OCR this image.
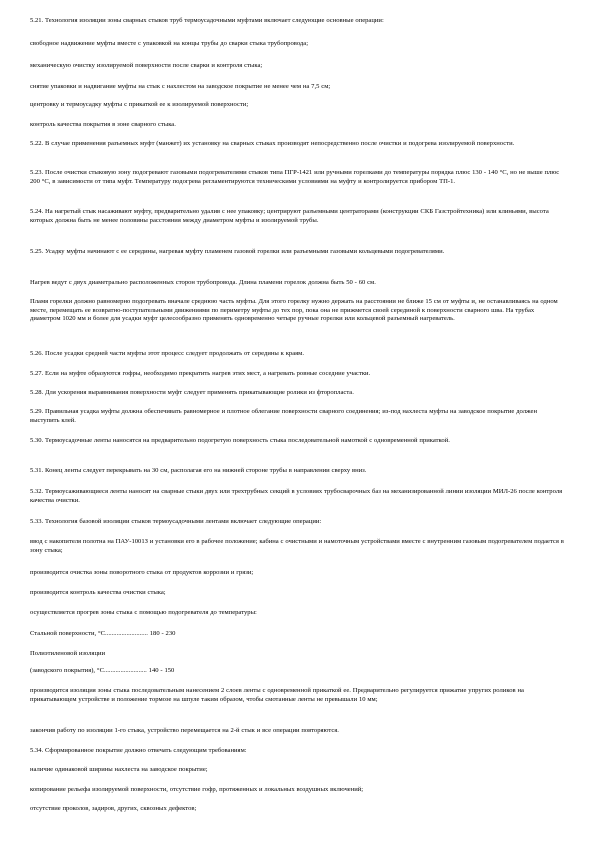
5.21. Технология изоляции зоны сварных стыков труб термоусадочными муфтами включает следующие основные операции:

свободное надвижение муфты вместе с упаковкой на концы трубы до сварки стыка трубопровода;

механическую очистку изолируемой поверхности после сварки и контроля стыка;

снятие упаковки и надвигание муфты на стык с нахлестом на заводское покрытие не менее чем на 7,5 см;

центровку и термоусадку муфты с прикаткой ее к изолируемой поверхности;

контроль качества покрытия в зоне сварного стыка.

5.22. В случае применения разъемных муфт (манжет) их установку на сварных стыках производят непосредственно после очистки и подогрева изолируемой поверхности.

5.23. После очистки стыковую зону подогревают газовыми подогревателями стыков типа ПГР-1421 или ручными горелками до температуры порядка плюс 130 - 140 °С, но не выше плюс 200 °С, в зависимости от типа муфт. Температуру подогрева регламентируются техническими условиями на муфту и контролируется прибором ТП-1.

5.24. На нагретый стык насаживают муфту, предварительно удалив с нее упаковку; центрируют разъемными центраторами (конструкции СКБ Газстройтехника) или клиньями, высота которых должна быть не менее половины расстояния между диаметром муфты и изолируемой трубы.

5.25. Усадку муфты начинают с ее середины, нагревая муфту пламенем газовой горелки или разъемными газовыми кольцевыми подогревателями.

Нагрев ведут с двух диаметрально расположенных сторон трубопровода. Длина пламени горелок должна быть 50 - 60 см.

Пламя горелки должно равномерно подогревать вначале среднюю часть муфты. Для этого горелку нужно держать на расстоянии не ближе 15 см от муфты и, не останавливаясь на одном месте, перемещать ее возвратно-поступательными движениями по периметру муфты до тех пор, пока она не прижмется своей серединой к поверхности сварного шва. На трубах диаметром 1020 мм и более для усадки муфт целесообразно применять одновременно четыре ручные горелки или кольцевой разъемный нагреватель.

5.26. После усадки средней части муфты этот процесс следует продолжать от середины к краям.

5.27. Если на муфте образуются гофры, необходимо прекратить нагрев этих мест, а нагревать ровные соседние участки.

5.28. Для ускорения выравнивания поверхности муфт следует применять прикатывающие ролики из фторопласта.

5.29. Правильная усадка муфты должна обеспечивать равномерное и плотное облегание поверхности сварного соединения; из-под нахлеста муфты на заводское покрытие должен выступить клей.

5.30. Термоусадочные ленты наносятся на предварительно подогретую поверхность стыка последовательной намоткой с одновременной прикаткой.

5.31. Конец ленты следует перекрывать на 30 см, располагая его на нижней стороне трубы в направлении сверху вниз.

5.32. Термоусаживающиеся ленты наносят на сварные стыки двух или трехтрубных секций в условиях трубосварочных баз на механизированной линии изоляции МИЛ-26 после контроля качества очистки.

5.33. Технология базовой изоляции стыков термоусадочными лентами включает следующие операции:

ввод с накопителя полотна на ПАУ-1001З и установки его в рабочее положение; кабина с очистными и намоточным устройствами вместе с внутренним газовым подогревателем подается в зону стыка;

производится очистка зоны поворотного стыка от продуктов коррозии и грязи;

производится контроль качества очистки стыка;

осуществляется прогрев зоны стыка с помощью подогревателя до температуры:

Стальной поверхности, °С.......................... 180 - 230

Полиэтиленовой изоляции

(заводского покрытия), °С.......................... 140 - 150

производится изоляция зоны стыка последовательным нанесением 2 слоев ленты с одновременной прикаткой ее. Предварительно регулируется прижатие упругих роликов на прикатывающем устройстве и положение тормозе на шпуле таким образом, чтобы смотанные ленты не превышали 10 мм;

закончив работу по изоляции 1-го стыка, устройство перемещается на 2-й стык и все операции повторяются.

5.34. Сформированное покрытие должно отвечать следующим требованиям:

наличие одинаковой ширины нахлеста на заводское покрытие;

копирование рельефа изолируемой поверхности, отсутствие гофр, протяженных и локальных воздушных включений;

отсутствие проколов, задиров, других, сквозных дефектов;
